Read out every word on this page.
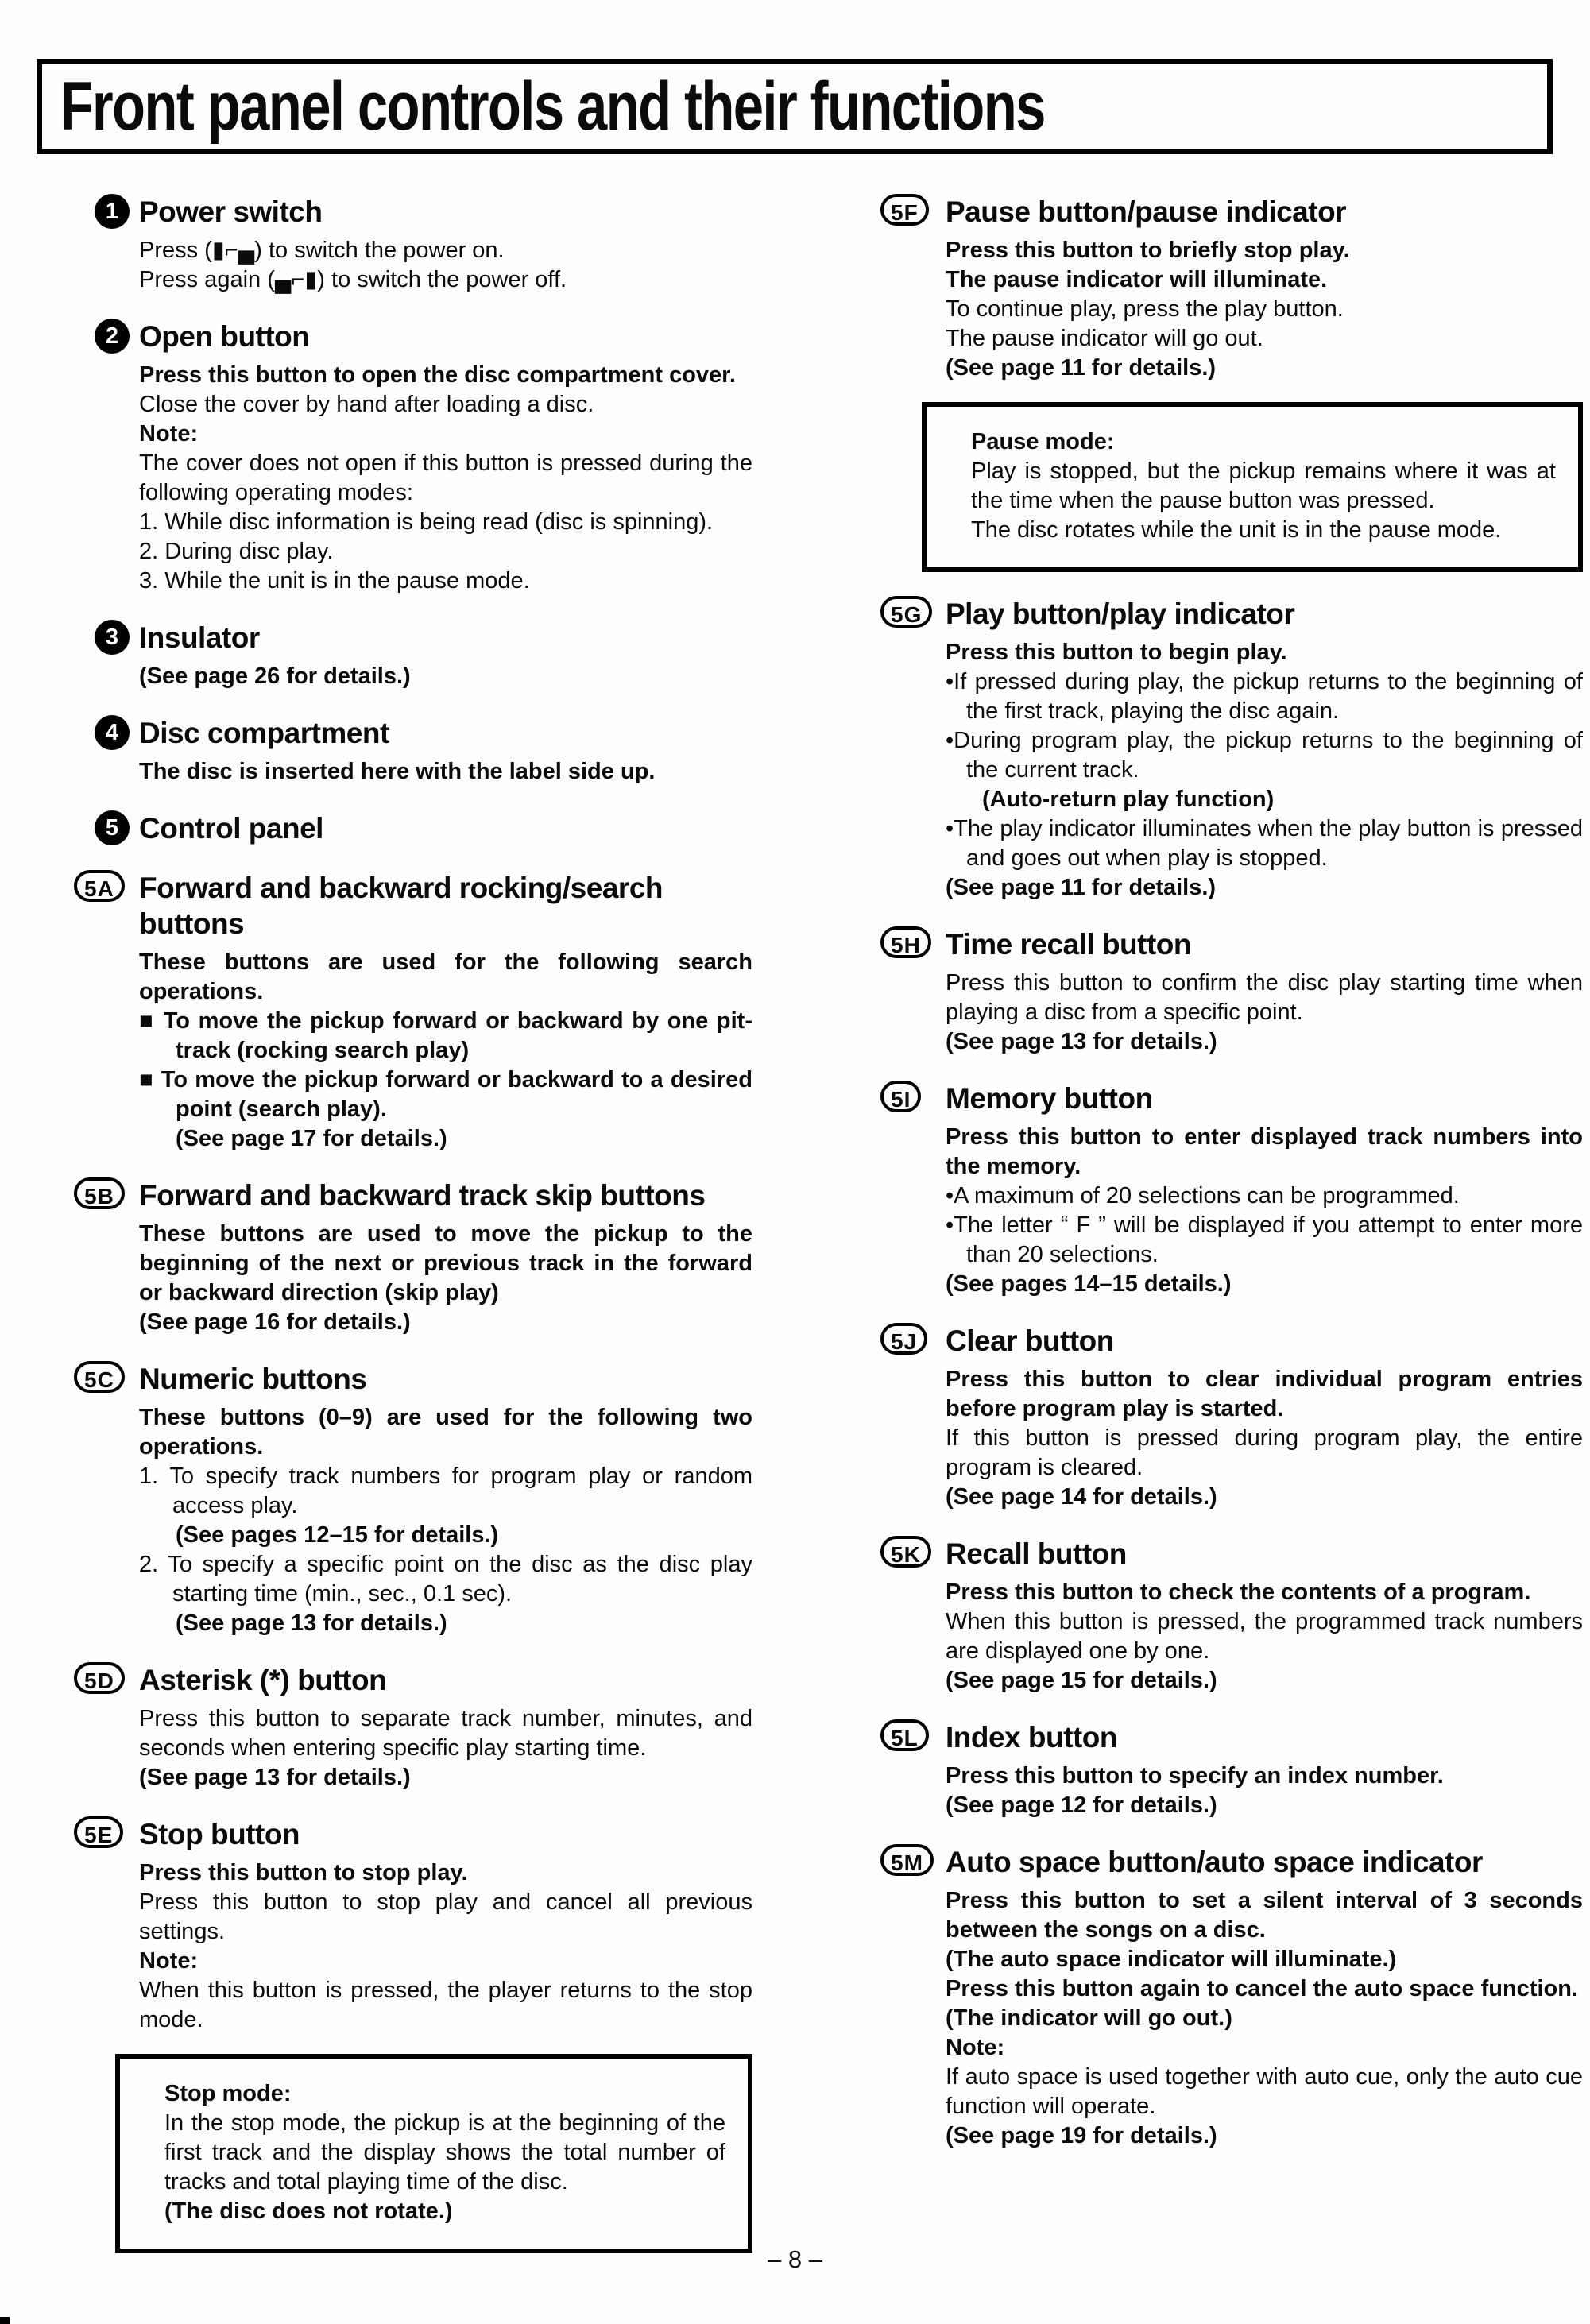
Front panel controls and their functions
1 Power switch
Press (▮⌐▄) to switch the power on.
Press again (▄⌐▮) to switch the power off.
2 Open button
Press this button to open the disc compartment cover.
Close the cover by hand after loading a disc.
Note:
The cover does not open if this button is pressed during the following operating modes:
1. While disc information is being read (disc is spinning).
2. During disc play.
3. While the unit is in the pause mode.
3 Insulator
(See page 26 for details.)
4 Disc compartment
The disc is inserted here with the label side up.
5 Control panel
5A Forward and backward rocking/search buttons
These buttons are used for the following search operations.
■ To move the pickup forward or backward by one pit-track (rocking search play)
■ To move the pickup forward or backward to a desired point (search play).
(See page 17 for details.)
5B Forward and backward track skip buttons
These buttons are used to move the pickup to the beginning of the next or previous track in the forward or backward direction (skip play)
(See page 16 for details.)
5C Numeric buttons
These buttons (0–9) are used for the following two operations.
1. To specify track numbers for program play or random access play.
(See pages 12–15 for details.)
2. To specify a specific point on the disc as the disc play starting time (min., sec., 0.1 sec).
(See page 13 for details.)
5D Asterisk (*) button
Press this button to separate track number, minutes, and seconds when entering specific play starting time.
(See page 13 for details.)
5E Stop button
Press this button to stop play.
Press this button to stop play and cancel all previous settings.
Note:
When this button is pressed, the player returns to the stop mode.
Stop mode:
In the stop mode, the pickup is at the beginning of the first track and the display shows the total number of tracks and total playing time of the disc.
(The disc does not rotate.)
5F Pause button/pause indicator
Press this button to briefly stop play.
The pause indicator will illuminate.
To continue play, press the play button.
The pause indicator will go out.
(See page 11 for details.)
Pause mode:
Play is stopped, but the pickup remains where it was at the time when the pause button was pressed.
The disc rotates while the unit is in the pause mode.
5G Play button/play indicator
Press this button to begin play.
•If pressed during play, the pickup returns to the beginning of the first track, playing the disc again.
•During program play, the pickup returns to the beginning of the current track.
(Auto-return play function)
•The play indicator illuminates when the play button is pressed and goes out when play is stopped.
(See page 11 for details.)
5H Time recall button
Press this button to confirm the disc play starting time when playing a disc from a specific point.
(See page 13 for details.)
5I	Memory button
Press this button to enter displayed track numbers into the memory.
•A maximum of 20 selections can be programmed.
•The letter “ F ” will be displayed if you attempt to enter more than 20 selections.
(See pages 14–15 details.)
5J Clear button
Press this button to clear individual program entries before program play is started.
If this button is pressed during program play, the entire program is cleared.
(See page 14 for details.)
5K Recall button
Press this button to check the contents of a program.
When this button is pressed, the programmed track numbers are displayed one by one.
(See page 15 for details.)
5L Index button
Press this button to specify an index number.
(See page 12 for details.)
5M Auto space button/auto space indicator
Press this button to set a silent interval of 3 seconds between the songs on a disc.
(The auto space indicator will illuminate.)
Press this button again to cancel the auto space function.
(The indicator will go out.)
Note:
If auto space is used together with auto cue, only the auto cue function will operate.
(See page 19 for details.)
– 8 –
